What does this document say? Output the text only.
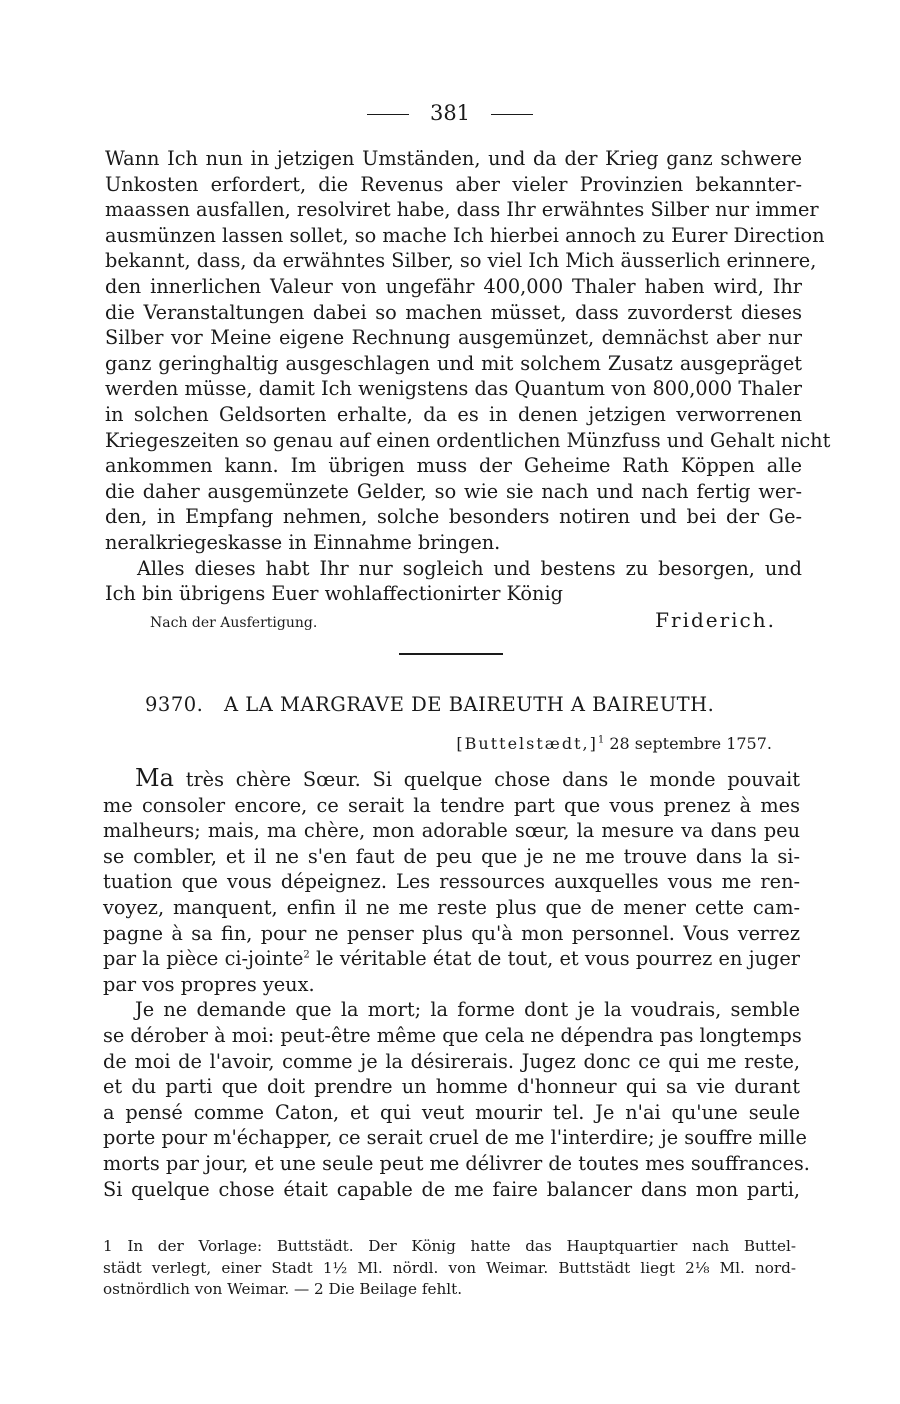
381
Wann Ich nun in jetzigen Umständen, und da der Krieg ganz schwere
Unkosten erfordert, die Revenus aber vieler Provinzien bekannter-
maassen ausfallen, resolviret habe, dass Ihr erwähntes Silber nur immer
ausmünzen lassen sollet, so mache Ich hierbei annoch zu Eurer Direction
bekannt, dass, da erwähntes Silber, so viel Ich Mich äusserlich erinnere,
den innerlichen Valeur von ungefähr 400,000 Thaler haben wird, Ihr
die Veranstaltungen dabei so machen müsset, dass zuvorderst dieses
Silber vor Meine eigene Rechnung ausgemünzet, demnächst aber nur
ganz geringhaltig ausgeschlagen und mit solchem Zusatz ausgepräget
werden müsse, damit Ich wenigstens das Quantum von 800,000 Thaler
in solchen Geldsorten erhalte, da es in denen jetzigen verworrenen
Kriegeszeiten so genau auf einen ordentlichen Münzfuss und Gehalt nicht
ankommen kann. Im übrigen muss der Geheime Rath Köppen alle
die daher ausgemünzete Gelder, so wie sie nach und nach fertig wer-
den, in Empfang nehmen, solche besonders notiren und bei der Ge-
neralkriegeskasse in Einnahme bringen.
Alles dieses habt Ihr nur sogleich und bestens zu besorgen, und
Ich bin übrigens Euer wohlaffectionirter König
Nach der Ausfertigung.	Friderich.
9370. A LA MARGRAVE DE BAIREUTH A BAIREUTH.
[Buttelstædt,]$^1$ 28 septembre 1757.
Ma très chère Sœur. Si quelque chose dans le monde pouvait
me consoler encore, ce serait la tendre part que vous prenez à mes
malheurs; mais, ma chère, mon adorable sœur, la mesure va dans peu
se combler, et il ne s'en faut de peu que je ne me trouve dans la si-
tuation que vous dépeignez. Les ressources auxquelles vous me ren-
voyez, manquent, enfin il ne me reste plus que de mener cette cam-
pagne à sa fin, pour ne penser plus qu'à mon personnel. Vous verrez
par la pièce ci-jointe$^2$ le véritable état de tout, et vous pourrez en juger
par vos propres yeux.
Je ne demande que la mort; la forme dont je la voudrais, semble
se dérober à moi: peut-être même que cela ne dépendra pas longtemps
de moi de l'avoir, comme je la désirerais. Jugez donc ce qui me reste,
et du parti que doit prendre un homme d'honneur qui sa vie durant
a pensé comme Caton, et qui veut mourir tel. Je n'ai qu'une seule
porte pour m'échapper, ce serait cruel de me l'interdire; je souffre mille
morts par jour, et une seule peut me délivrer de toutes mes souffrances.
Si quelque chose était capable de me faire balancer dans mon parti,
1 In der Vorlage: Buttstädt. Der König hatte das Hauptquartier nach Buttel-
städt verlegt, einer Stadt 1½ Ml. nördl. von Weimar. Buttstädt liegt 2⅛ Ml. nord-
ostnördlich von Weimar. — 2 Die Beilage fehlt.
